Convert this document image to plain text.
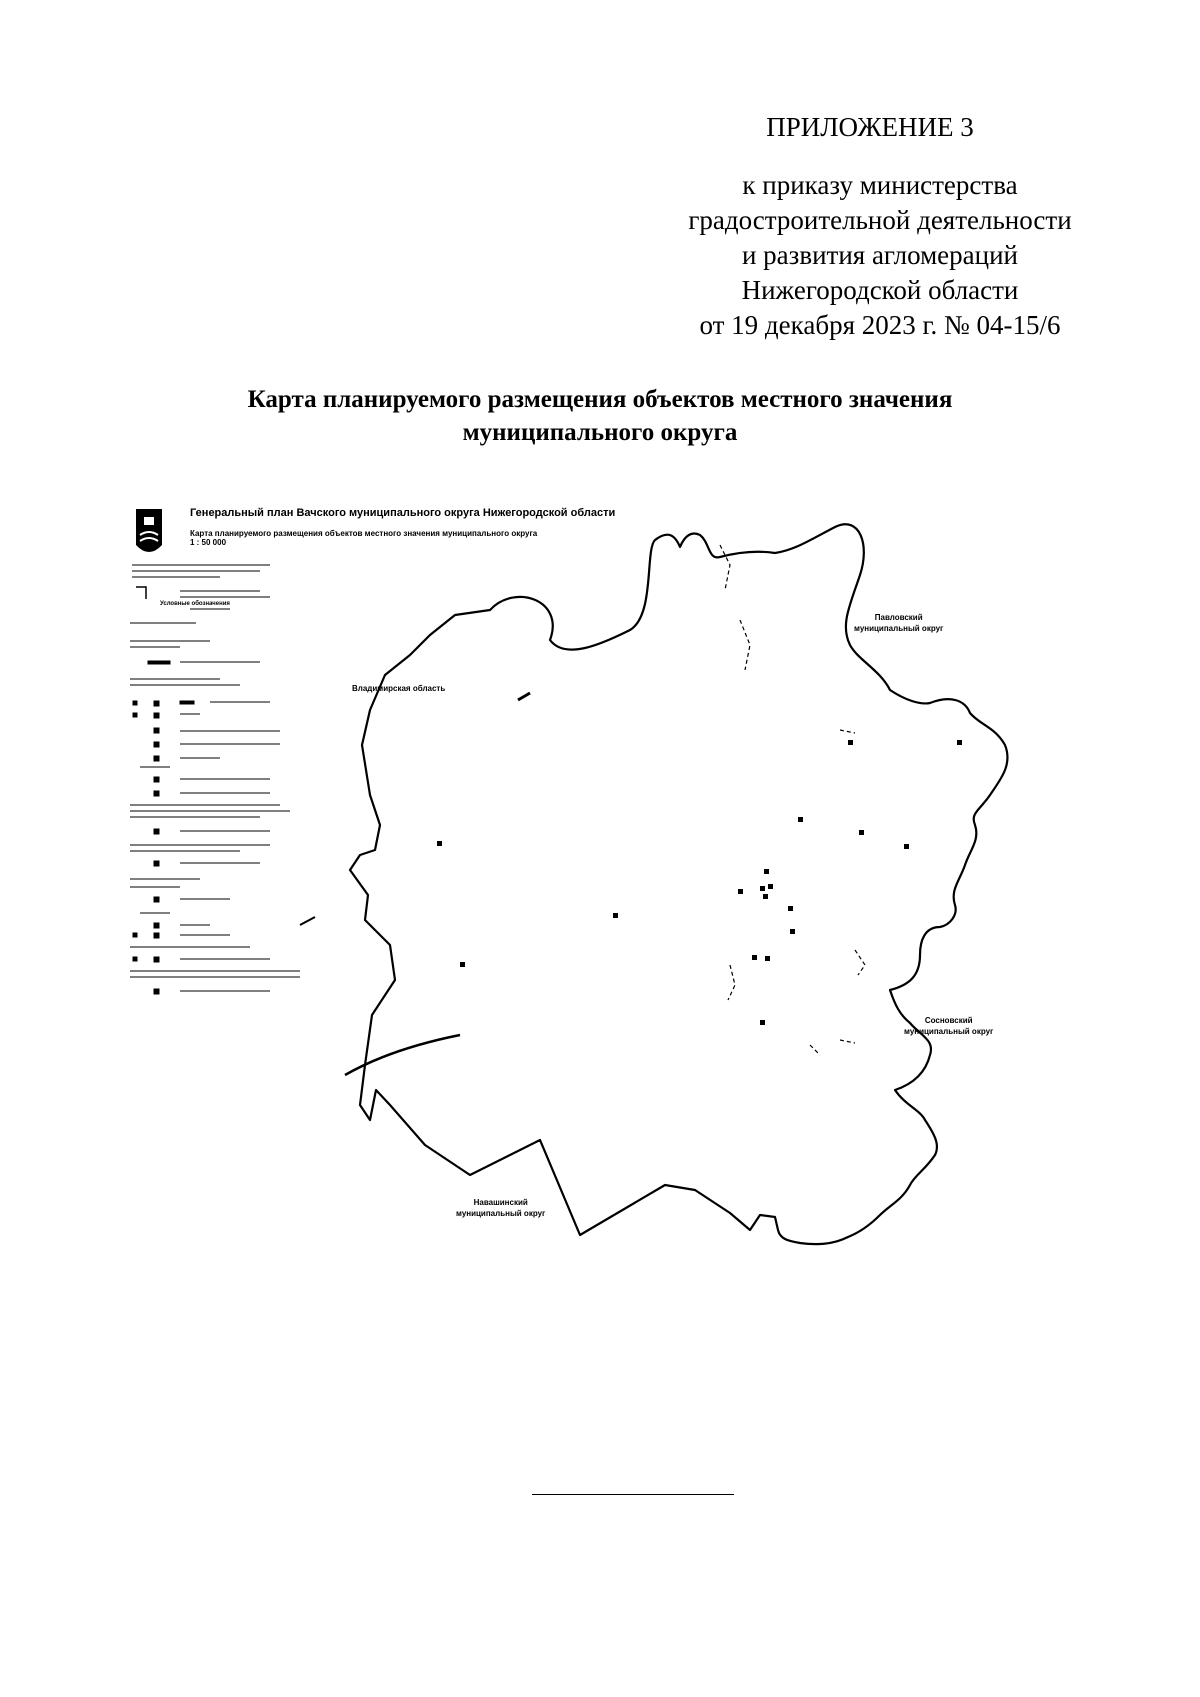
ПРИЛОЖЕНИЕ 3
к приказу министерства
градостроительной деятельности
и развития агломераций
Нижегородской области
от 19 декабря 2023 г. № 04-15/6
Карта планируемого размещения объектов местного значения
муниципального округа
Генеральный план Вачского муниципального округа Нижегородской области
Карта планируемого размещения объектов местного значения муниципального округа
1 : 50 000
Условные обозначения
Владимирская область
Павловский
муниципальный округ
Сосновский
муниципальный округ
Навашинский
муниципальный округ
